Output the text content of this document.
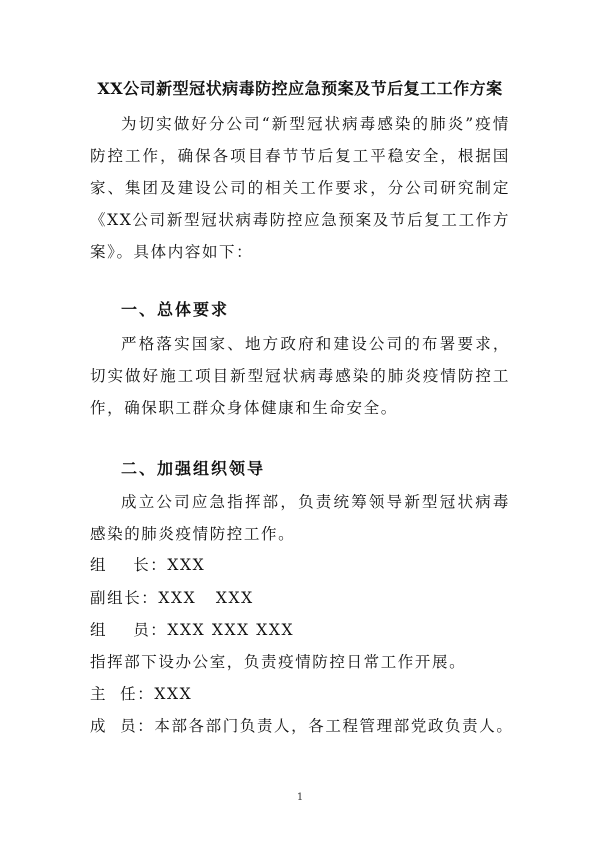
XX公司新型冠状病毒防控应急预案及节后复工工作方案
为切实做好分公司“新型冠状病毒感染的肺炎”疫情防控工作，确保各项目春节节后复工平稳安全，根据国家、集团及建设公司的相关工作要求，分公司研究制定《XX公司新型冠状病毒防控应急预案及节后复工工作方案》。具体内容如下：
一、总体要求
严格落实国家、地方政府和建设公司的布署要求，切实做好施工项目新型冠状病毒感染的肺炎疫情防控工作，确保职工群众身体健康和生命安全。
二、加强组织领导
成立公司应急指挥部，负责统筹领导新型冠状病毒感染的肺炎疫情防控工作。
组    长：XXX
副组长：XXX   XXX
组    员：XXX XXX XXX
指挥部下设办公室，负责疫情防控日常工作开展。
主  任：XXX
成  员：本部各部门负责人，各工程管理部党政负责人。
1
